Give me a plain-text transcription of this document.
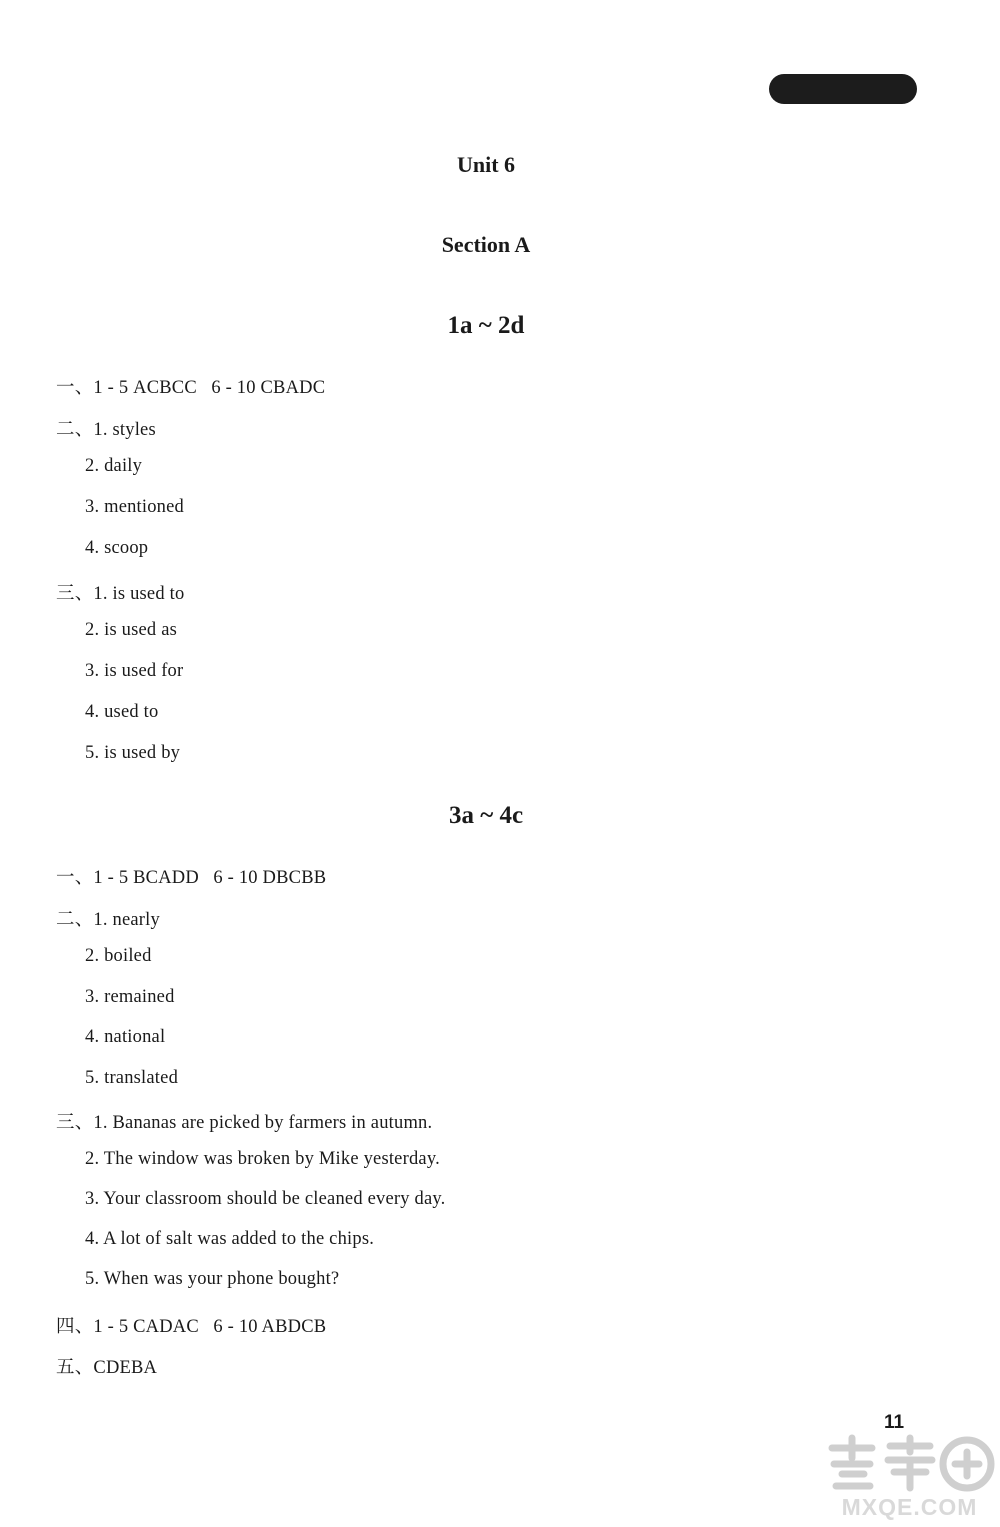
Unit 6
Section A
1a ~ 2d
一、1 - 5 ACBCC   6 - 10 CBADC
二、1. styles
2. daily
3. mentioned
4. scoop
三、1. is used to
2. is used as
3. is used for
4. used to
5. is used by
3a ~ 4c
一、1 - 5 BCADD   6 - 10 DBCBB
二、1. nearly
2. boiled
3. remained
4. national
5. translated
三、1. Bananas are picked by farmers in autumn.
2. The window was broken by Mike yesterday.
3. Your classroom should be cleaned every day.
4. A lot of salt was added to the chips.
5. When was your phone bought?
四、1 - 5 CADAC   6 - 10 ABDCB
五、CDEBA
11
MXQE.COM
